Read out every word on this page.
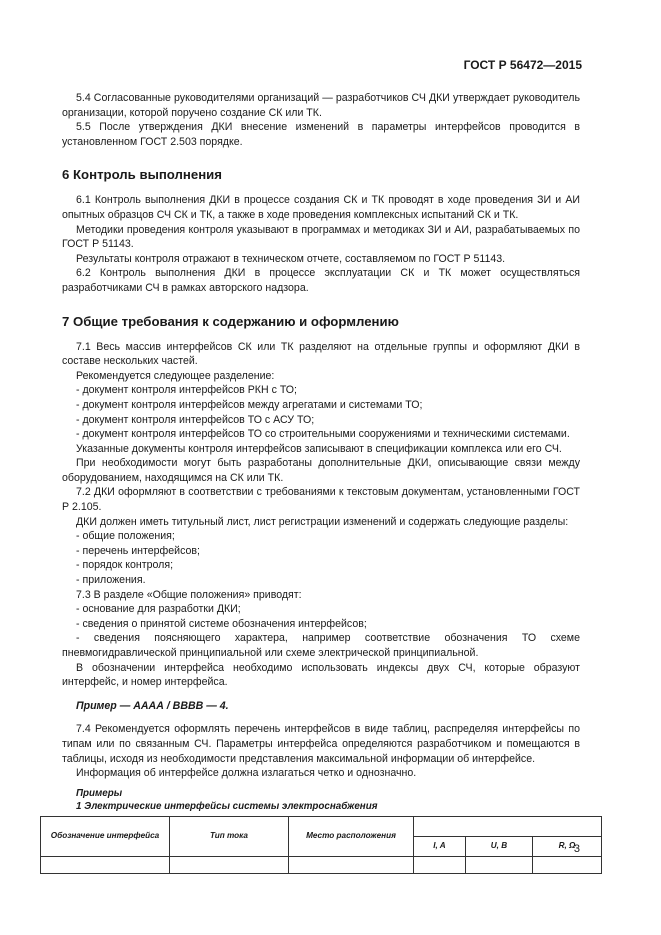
ГОСТ Р 56472—2015
5.4 Согласованные руководителями организаций — разработчиков СЧ ДКИ утверждает руководитель организации, которой поручено создание СК или ТК.
5.5 После утверждения ДКИ внесение изменений в параметры интерфейсов проводится в установленном ГОСТ 2.503 порядке.
6 Контроль выполнения
6.1 Контроль выполнения ДКИ в процессе создания СК и ТК проводят в ходе проведения ЗИ и АИ опытных образцов СЧ СК и ТК, а также в ходе проведения комплексных испытаний СК и ТК.
Методики проведения контроля указывают в программах и методиках ЗИ и АИ, разрабатываемых по ГОСТ Р 51143.
Результаты контроля отражают в техническом отчете, составляемом по ГОСТ Р 51143.
6.2 Контроль выполнения ДКИ в процессе эксплуатации СК и ТК может осуществляться разработчиками СЧ в рамках авторского надзора.
7 Общие требования к содержанию и оформлению
7.1 Весь массив интерфейсов СК или ТК разделяют на отдельные группы и оформляют ДКИ в составе нескольких частей.
Рекомендуется следующее разделение:
- документ контроля интерфейсов РКН с ТО;
- документ контроля интерфейсов между агрегатами и системами ТО;
- документ контроля интерфейсов ТО с АСУ ТО;
- документ контроля интерфейсов ТО со строительными сооружениями и техническими системами.
Указанные документы контроля интерфейсов записывают в спецификации комплекса или его СЧ.
При необходимости могут быть разработаны дополнительные ДКИ, описывающие связи между оборудованием, находящимся на СК или ТК.
7.2 ДКИ оформляют в соответствии с требованиями к текстовым документам, установленными ГОСТ Р 2.105.
ДКИ должен иметь титульный лист, лист регистрации изменений и содержать следующие разделы:
- общие положения;
- перечень интерфейсов;
- порядок контроля;
- приложения.
7.3 В разделе «Общие положения» приводят:
- основание для разработки ДКИ;
- сведения о принятой системе обозначения интерфейсов;
- сведения поясняющего характера, например соответствие обозначения ТО схеме пневмогидравлической принципиальной или схеме электрической принципиальной.
В обозначении интерфейса необходимо использовать индексы двух СЧ, которые образуют интерфейс, и номер интерфейса.
Пример — АААА / ВВВВ — 4.
7.4 Рекомендуется оформлять перечень интерфейсов в виде таблиц, распределяя интерфейсы по типам или по связанным СЧ. Параметры интерфейса определяются разработчиком и помещаются в таблицы, исходя из необходимости представления максимальной информации об интерфейсе.
Информация об интерфейсе должна излагаться четко и однозначно.
Примеры
1 Электрические интерфейсы системы электроснабжения
Обозначение интерфейса	Тип тока	Место расположения			
			I, A	U, B	R, Ω

3
